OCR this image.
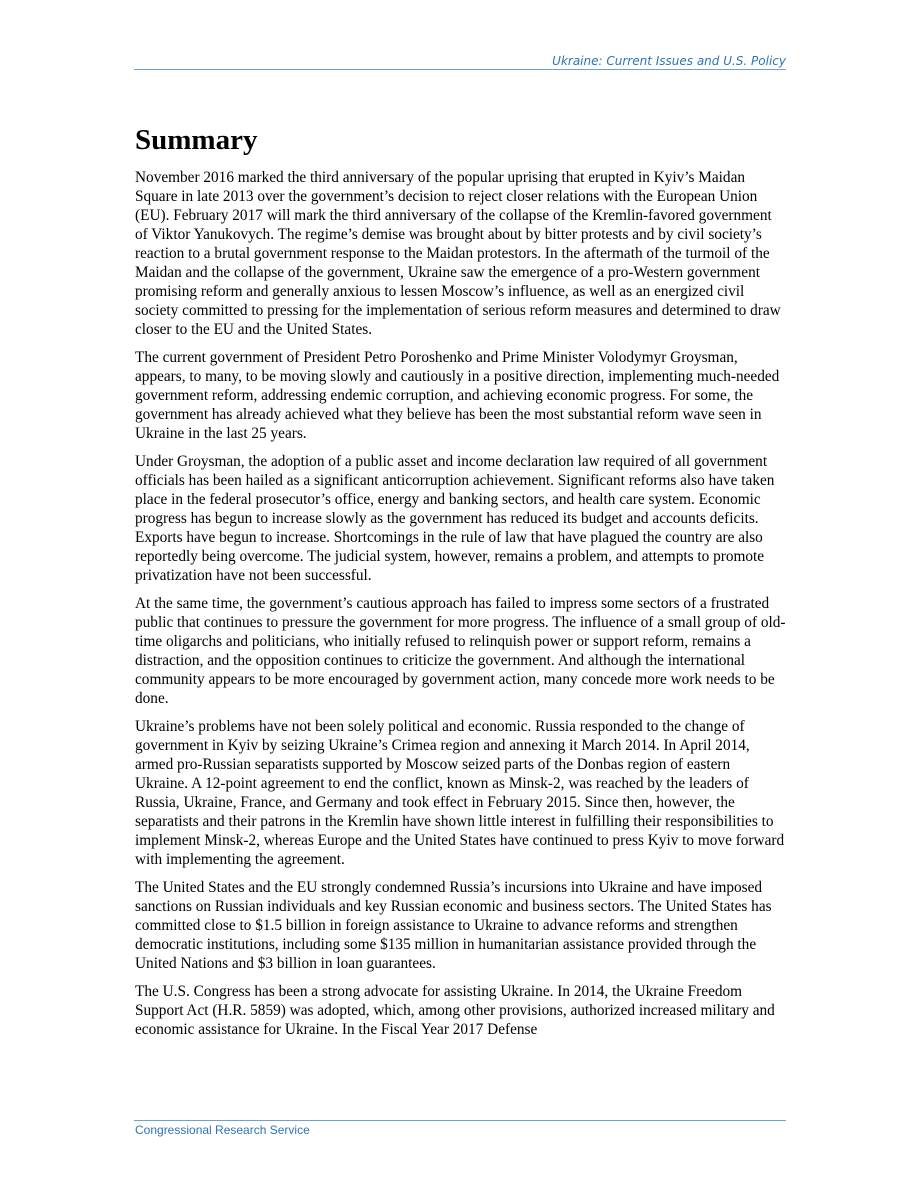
Ukraine: Current Issues and U.S. Policy
Summary

November 2016 marked the third anniversary of the popular uprising that erupted in Kyiv’s Maidan Square in late 2013 over the government’s decision to reject closer relations with the European Union (EU). February 2017 will mark the third anniversary of the collapse of the Kremlin-favored government of Viktor Yanukovych. The regime’s demise was brought about by bitter protests and by civil society’s reaction to a brutal government response to the Maidan protestors. In the aftermath of the turmoil of the Maidan and the collapse of the government, Ukraine saw the emergence of a pro-Western government promising reform and generally anxious to lessen Moscow’s influence, as well as an energized civil society committed to pressing for the implementation of serious reform measures and determined to draw closer to the EU and the United States.

The current government of President Petro Poroshenko and Prime Minister Volodymyr Groysman, appears, to many, to be moving slowly and cautiously in a positive direction, implementing much-needed government reform, addressing endemic corruption, and achieving economic progress. For some, the government has already achieved what they believe has been the most substantial reform wave seen in Ukraine in the last 25 years.

Under Groysman, the adoption of a public asset and income declaration law required of all government officials has been hailed as a significant anticorruption achievement. Significant reforms also have taken place in the federal prosecutor’s office, energy and banking sectors, and health care system. Economic progress has begun to increase slowly as the government has reduced its budget and accounts deficits. Exports have begun to increase. Shortcomings in the rule of law that have plagued the country are also reportedly being overcome. The judicial system, however, remains a problem, and attempts to promote privatization have not been successful.

At the same time, the government’s cautious approach has failed to impress some sectors of a frustrated public that continues to pressure the government for more progress. The influence of a small group of old-time oligarchs and politicians, who initially refused to relinquish power or support reform, remains a distraction, and the opposition continues to criticize the government. And although the international community appears to be more encouraged by government action, many concede more work needs to be done.

Ukraine’s problems have not been solely political and economic. Russia responded to the change of government in Kyiv by seizing Ukraine’s Crimea region and annexing it March 2014. In April 2014, armed pro-Russian separatists supported by Moscow seized parts of the Donbas region of eastern Ukraine. A 12-point agreement to end the conflict, known as Minsk-2, was reached by the leaders of Russia, Ukraine, France, and Germany and took effect in February 2015. Since then, however, the separatists and their patrons in the Kremlin have shown little interest in fulfilling their responsibilities to implement Minsk-2, whereas Europe and the United States have continued to press Kyiv to move forward with implementing the agreement.

The United States and the EU strongly condemned Russia’s incursions into Ukraine and have imposed sanctions on Russian individuals and key Russian economic and business sectors. The United States has committed close to $1.5 billion in foreign assistance to Ukraine to advance reforms and strengthen democratic institutions, including some $135 million in humanitarian assistance provided through the United Nations and $3 billion in loan guarantees.

The U.S. Congress has been a strong advocate for assisting Ukraine. In 2014, the Ukraine Freedom Support Act (H.R. 5859) was adopted, which, among other provisions, authorized increased military and economic assistance for Ukraine. In the Fiscal Year 2017 Defense

Congressional Research Service
